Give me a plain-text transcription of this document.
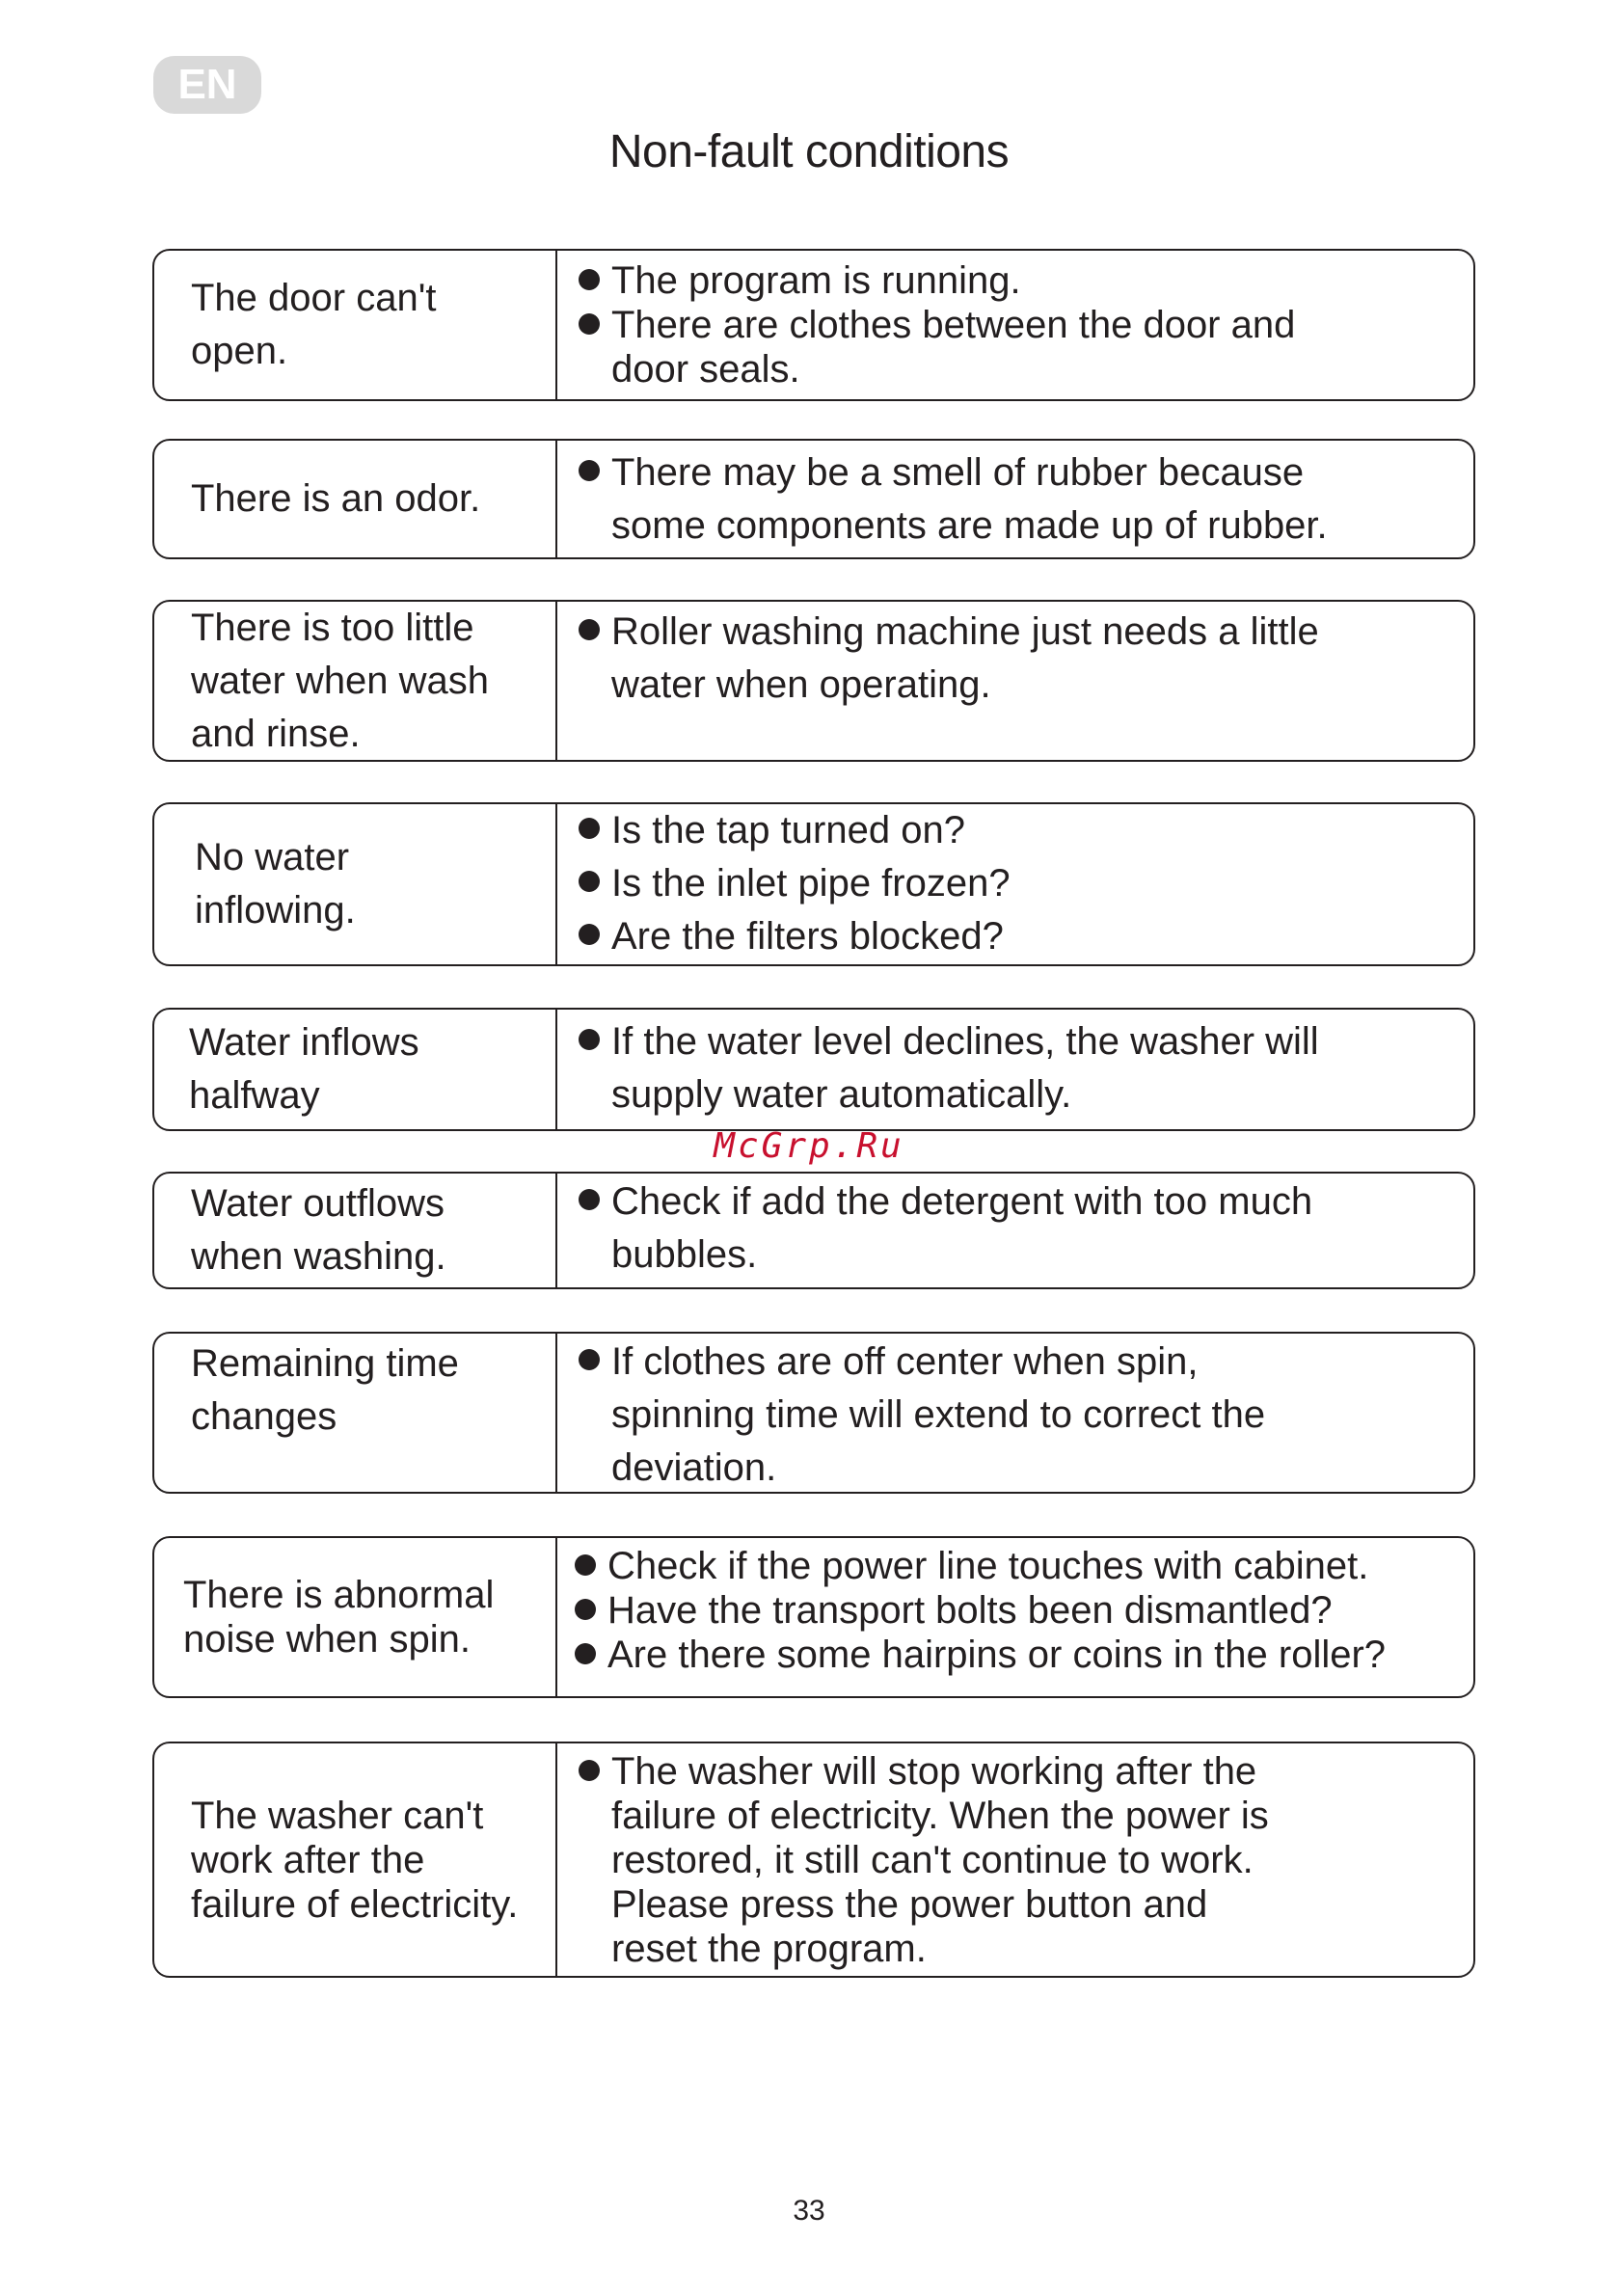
EN
Non-fault conditions
The door can't
open.
The program is running.
There are clothes between the door and
door seals.
There is an odor.
There may be a smell of rubber because
some components are made up of rubber.
There is too little
water when wash
and rinse.
Roller washing machine just needs a little
water when operating.
No water
inflowing.
Is the tap turned on?
Is the inlet pipe frozen?
Are the filters blocked?
Water inflows
halfway
If the water level declines, the washer will
supply water automatically.
McGrp.Ru
Water outflows
when washing.
Check if add the detergent with too much
bubbles.
Remaining time
changes
If clothes are off center when spin,
spinning time will extend to correct the
deviation.
There is abnormal
noise when spin.
Check if the power line touches with cabinet.
Have the transport bolts been dismantled?
Are there some hairpins or coins in the roller?
The washer can't
work after the
failure of electricity.
The washer will stop working after the
failure of electricity. When the power is
restored, it still can't continue to work.
Please press the power button and
reset the program.
33
